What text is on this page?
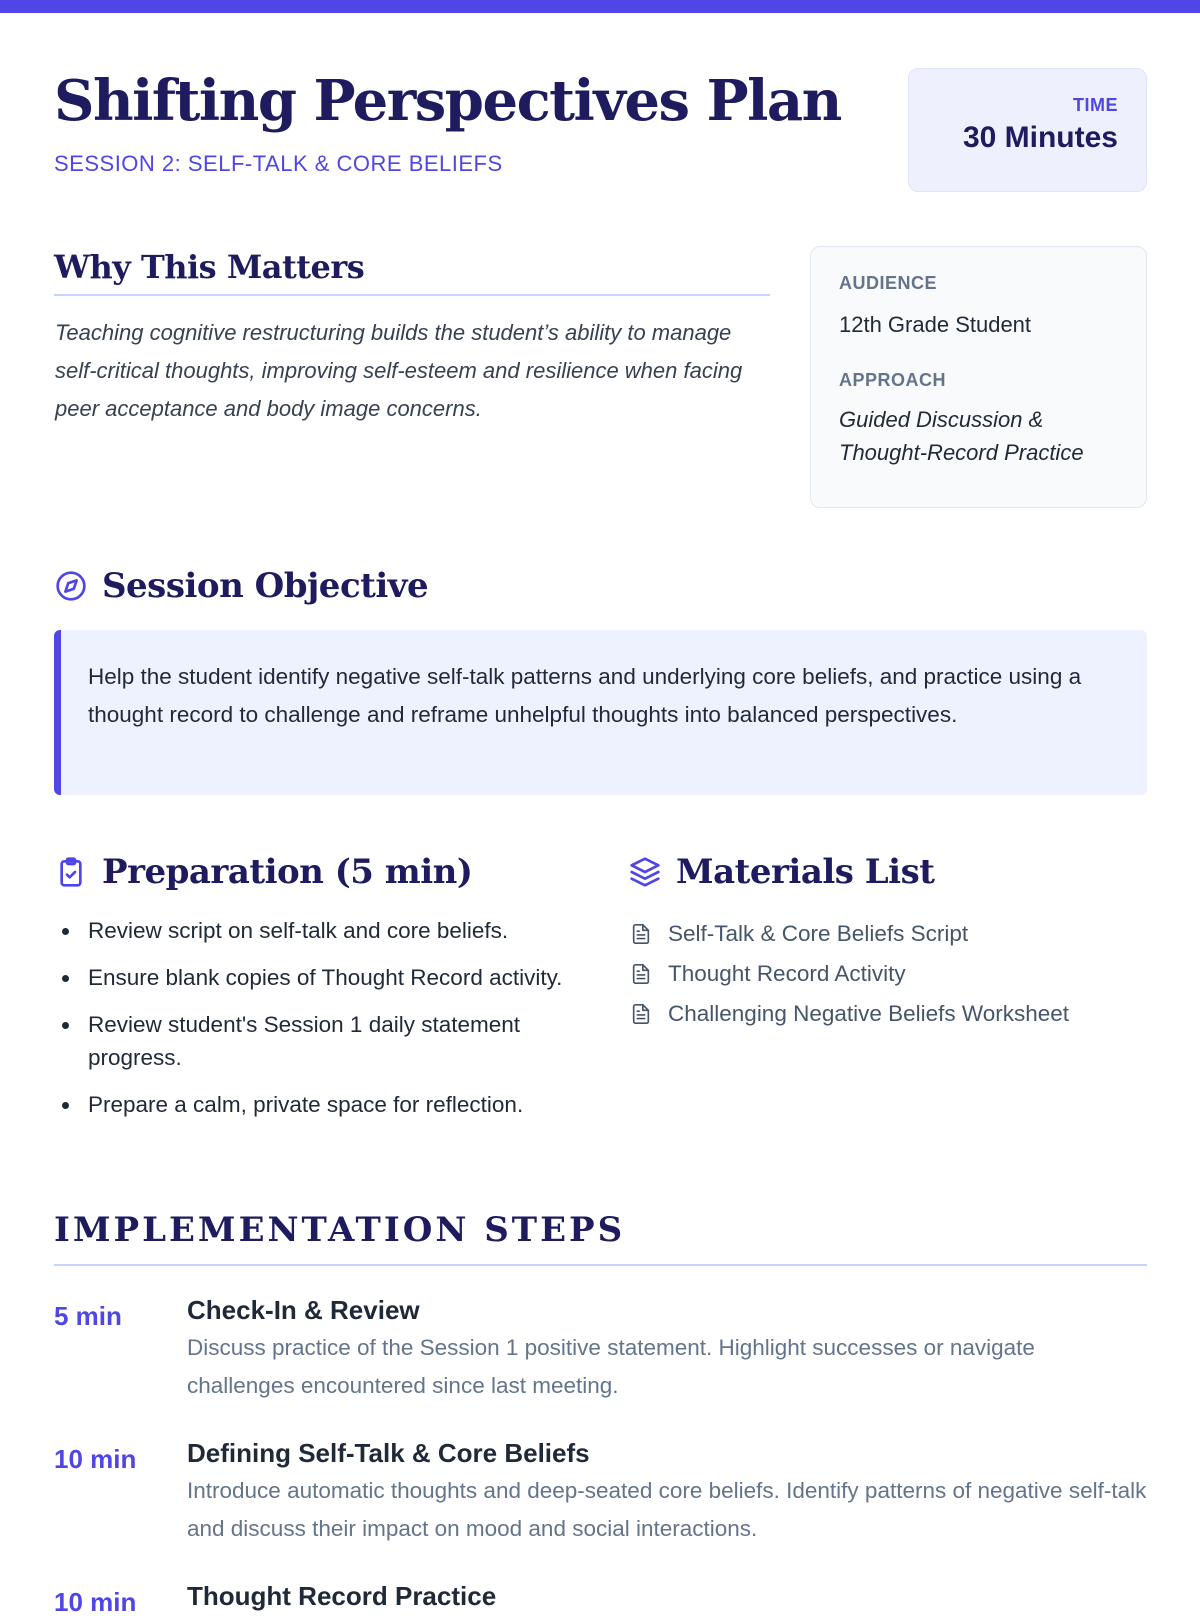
Shifting Perspectives Plan
SESSION 2: SELF-TALK & CORE BELIEFS
TIME
30 Minutes
Why This Matters

Teaching cognitive restructuring builds the student’s ability to manage self-critical thoughts, improving self-esteem and resilience when facing peer acceptance and body image concerns.

AUDIENCE
12th Grade Student
APPROACH
Guided Discussion & Thought-Record Practice
Session Objective
Help the student identify negative self-talk patterns and underlying core beliefs, and practice using a thought record to challenge and reframe unhelpful thoughts into balanced perspectives.
Preparation (5 min)
Review script on self-talk and core beliefs.
Ensure blank copies of Thought Record activity.
Review student's Session 1 daily statement progress.
Prepare a calm, private space for reflection.
Materials List
Self-Talk & Core Beliefs Script
Thought Record Activity
Challenging Negative Beliefs Worksheet
IMPLEMENTATION STEPS
5 min	Check-In & Review
Discuss practice of the Session 1 positive statement. Highlight successes or navigate challenges encountered since last meeting.
10 min Defining Self-Talk & Core Beliefs
Introduce automatic thoughts and deep-seated core beliefs. Identify patterns of negative self-talk and discuss their impact on mood and social interactions.
10 min Thought Record Practice
